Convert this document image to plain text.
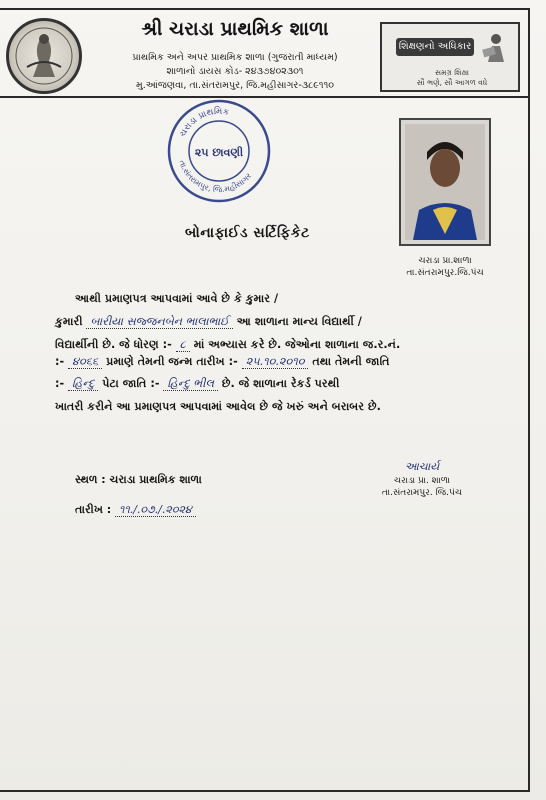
શ્રી ચરાડા પ્રાથમિક શાળા
પ્રાથમિક અને અપર પ્રાથમિક શાળા (ગુજરાતી માધ્યમ)
શાળાનો ડાયસ કોડ- ૨૪૩૭૪૦૨૩૦૧
મુ.આંજણવા, તા.સંતરામપુર, જિ.મહીસાગર-૩૮૯૧૧૦
શિક્ષણનો અધિકાર
સમગ્ર શિક્ષા
સૌ ભણે, સૌ આગળ વધે
ચરાડા પ્રાથમિક
તા.સંતરામપુર, જિ.મહીસાગર
૨૫ છાવણી
ચરાડા પ્રા.શાળા
તા.સંતરામપુર.જિ.પંચ
બોનાફાઈડ સર્ટિફિકેટ
આથી પ્રમાણપત્ર આપવામાં આવે છે કે કુમાર /
કુમારી બારીયા સજ્જનબેન ભાલાભાઈ આ શાળાના માન્ય વિદ્યાર્થી /
વિદ્યાર્થીની છે. જે ધોરણ :- ૮ માં અભ્યાસ કરે છે. જેઓના શાળાના જ.ર.નં.
:- ૪૦૬૬ પ્રમાણે તેમની જન્મ તારીખ :- ૨૫.૧૦.૨૦૧૦ તથા તેમની જાતિ
:- હિન્દુ પેટા જાતિ :- હિન્દુ ભીલ છે. જે શાળાના રેકર્ડ પરથી
ખાતરી કરીને આ પ્રમાણપત્ર આપવામાં આવેલ છે જે ખરું અને બરાબર છે.
સ્થળ : ચરાડા પ્રાથમિક શાળા
તારીખ : ૧૧./.૦૭./.૨૦૨૪
આચાર્ય
ચરાડા પ્રા. શાળા
તા.સંતરામપુર. જિ.પંચ
